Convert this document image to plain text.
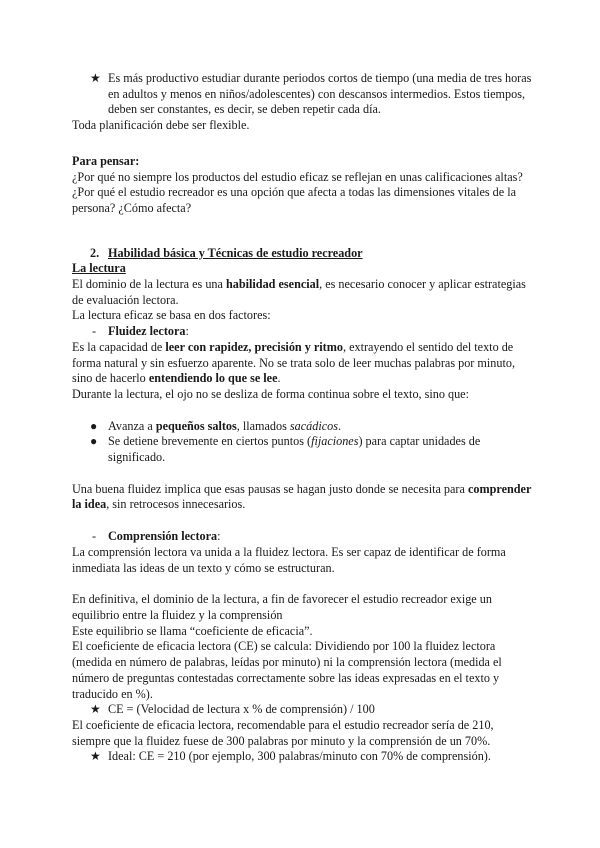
★ Es más productivo estudiar durante periodos cortos de tiempo (una media de tres horas en adultos y menos en niños/adolescentes) con descansos intermedios. Estos tiempos, deben ser constantes, es decir, se deben repetir cada día.

Toda planificación debe ser flexible.

Para pensar:

¿Por qué no siempre los productos del estudio eficaz se reflejan en unas calificaciones altas? ¿Por qué el estudio recreador es una opción que afecta a todas las dimensiones vitales de la persona? ¿Cómo afecta?

2. Habilidad básica y Técnicas de estudio recreador

La lectura

El dominio de la lectura es una habilidad esencial, es necesario conocer y aplicar estrategias de evaluación lectora.

La lectura eficaz se basa en dos factores:

- Fluidez lectora:

Es la capacidad de leer con rapidez, precisión y ritmo, extrayendo el sentido del texto de forma natural y sin esfuerzo aparente. No se trata solo de leer muchas palabras por minuto, sino de hacerlo entendiendo lo que se lee.

Durante la lectura, el ojo no se desliza de forma continua sobre el texto, sino que:

● Avanza a pequeños saltos, llamados sacádicos.

● Se detiene brevemente en ciertos puntos (fijaciones) para captar unidades de significado.

Una buena fluidez implica que esas pausas se hagan justo donde se necesita para comprender la idea, sin retrocesos innecesarios.

- Comprensión lectora:

La comprensión lectora va unida a la fluidez lectora. Es ser capaz de identificar de forma inmediata las ideas de un texto y cómo se estructuran.

En definitiva, el dominio de la lectura, a fin de favorecer el estudio recreador exige un equilibrio entre la fluidez y la comprensión

Este equilibrio se llama “coeficiente de eficacia”.

El coeficiente de eficacia lectora (CE) se calcula: Dividiendo por 100 la fluidez lectora (medida en número de palabras, leídas por minuto) ni la comprensión lectora (medida el número de preguntas contestadas correctamente sobre las ideas expresadas en el texto y traducido en %).

★ CE = (Velocidad de lectura x % de comprensión) / 100

El coeficiente de eficacia lectora, recomendable para el estudio recreador sería de 210, siempre que la fluidez fuese de 300 palabras por minuto y la comprensión de un 70%.

★ Ideal: CE = 210 (por ejemplo, 300 palabras/minuto con 70% de comprensión).
